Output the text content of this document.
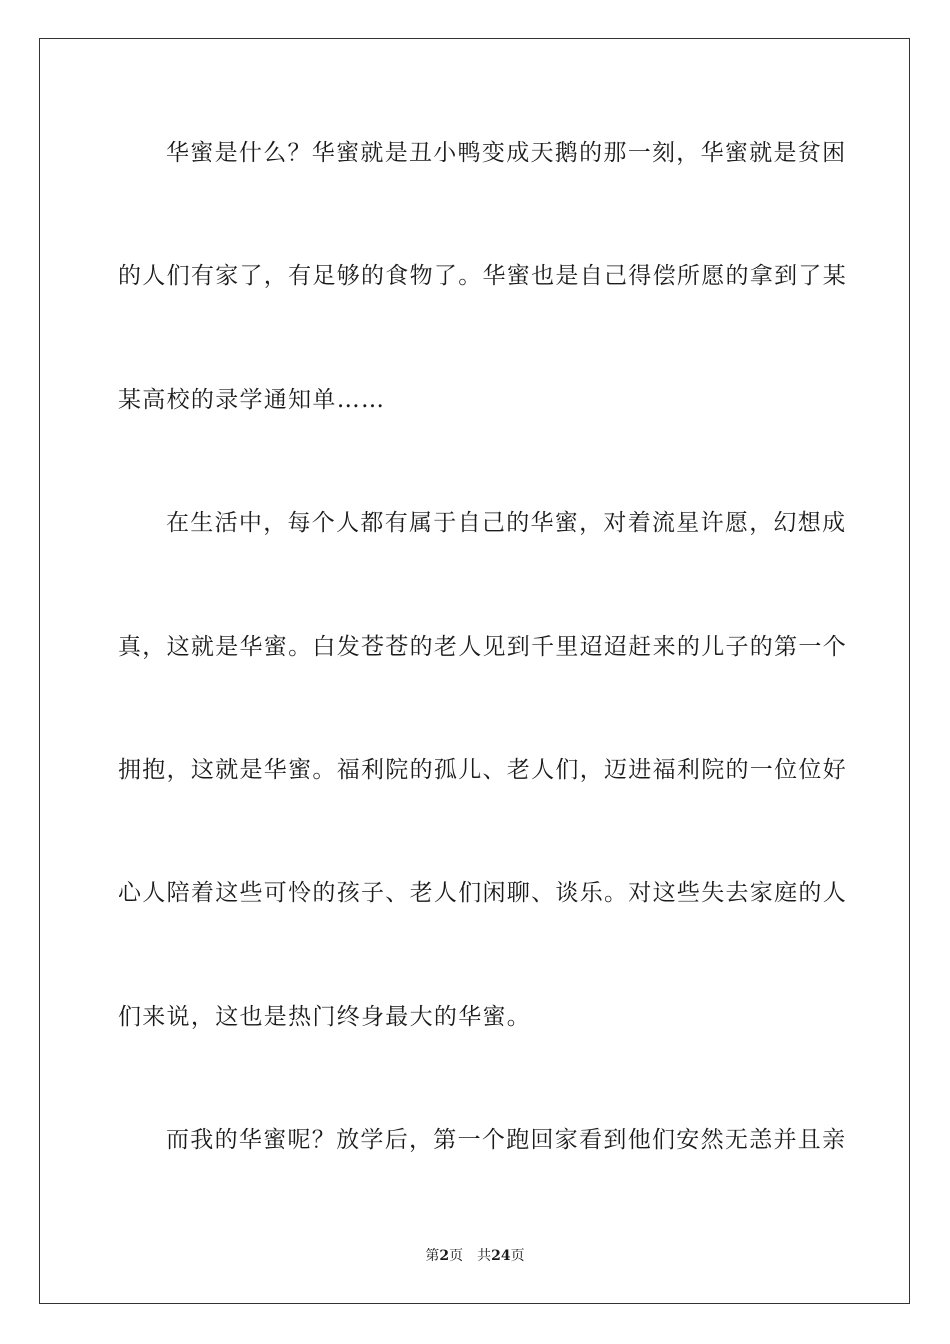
华蜜是什么？华蜜就是丑小鸭变成天鹅的那一刻，华蜜就是贫困
的人们有家了，有足够的食物了。华蜜也是自己得偿所愿的拿到了某
某高校的录学通知单……
在生活中，每个人都有属于自己的华蜜，对着流星许愿，幻想成
真，这就是华蜜。白发苍苍的老人见到千里迢迢赶来的儿子的第一个
拥抱，这就是华蜜。福利院的孤儿、老人们，迈进福利院的一位位好
心人陪着这些可怜的孩子、老人们闲聊、谈乐。对这些失去家庭的人
们来说，这也是热门终身最大的华蜜。
而我的华蜜呢？放学后，第一个跑回家看到他们安然无恙并且亲
第2页 共24页
